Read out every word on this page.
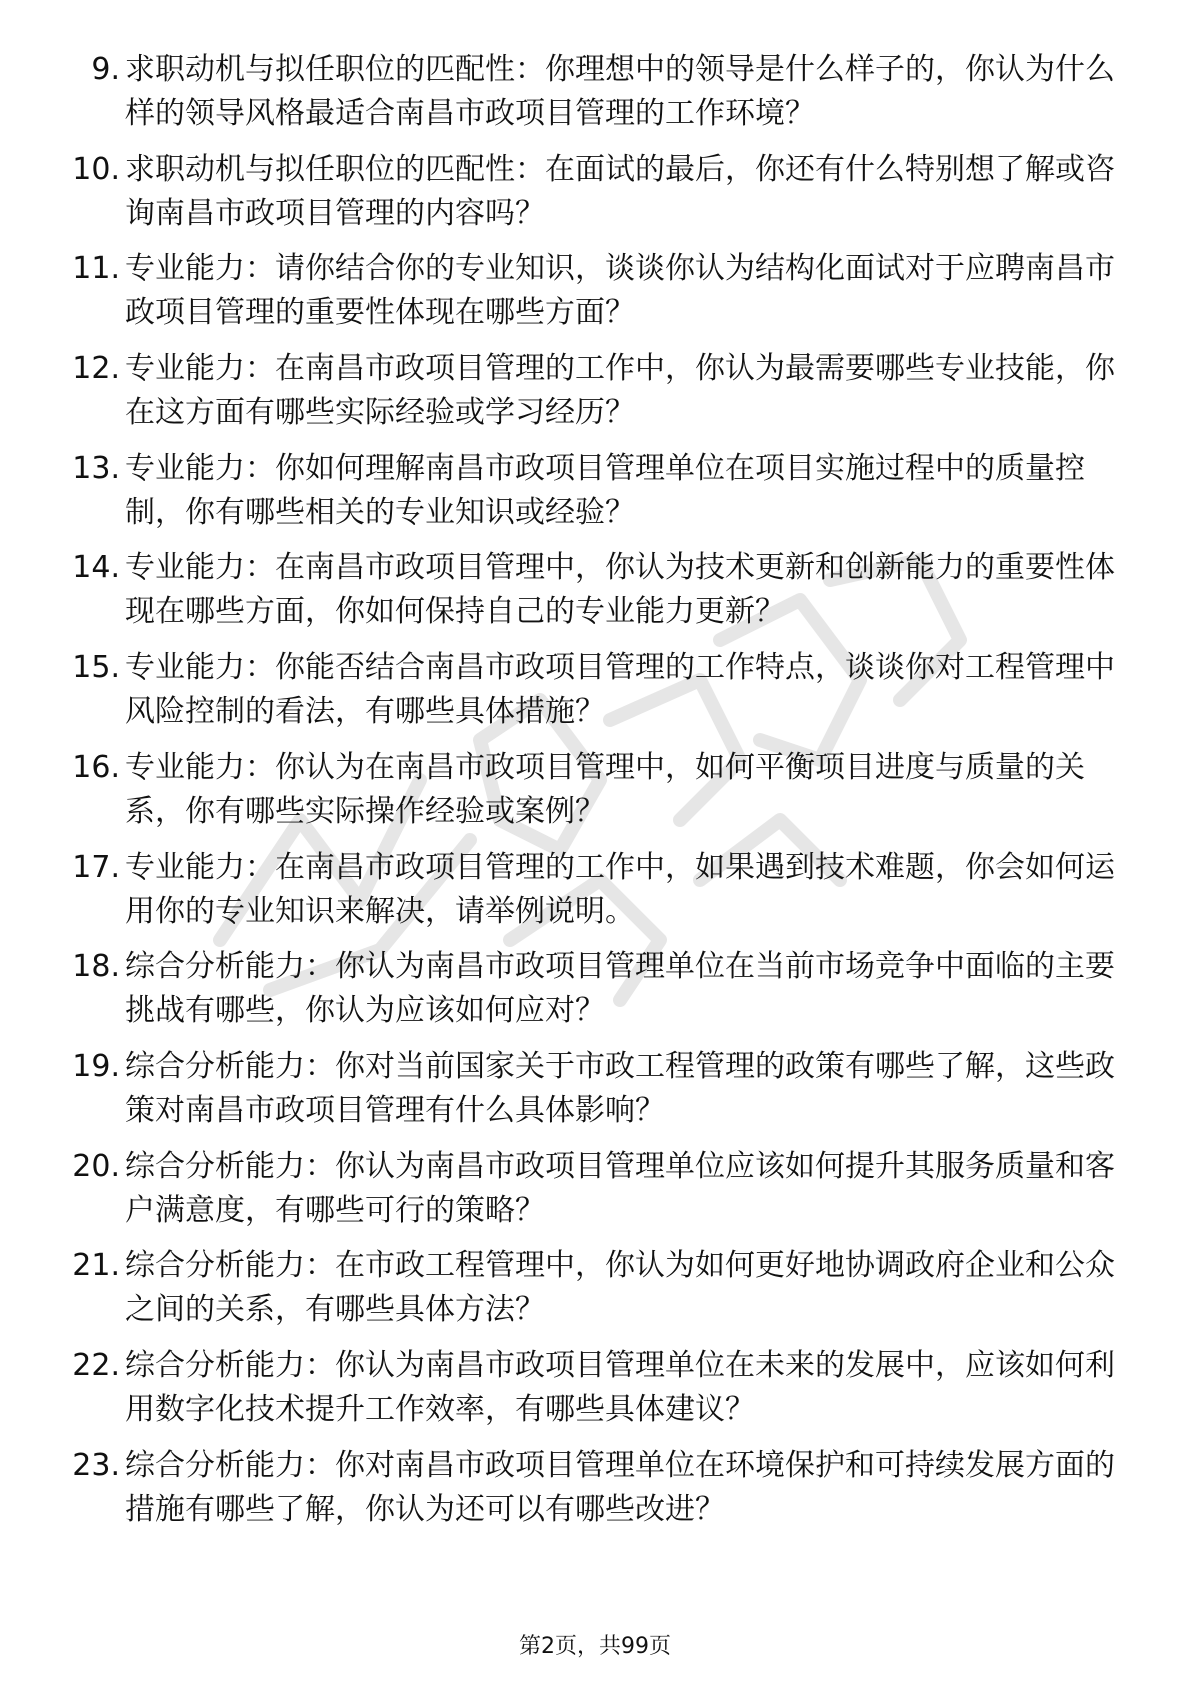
9. 求职动机与拟任职位的匹配性：你理想中的领导是什么样子的，你认为什么样的领导风格最适合南昌市政项目管理的工作环境？

10. 求职动机与拟任职位的匹配性：在面试的最后，你还有什么特别想了解或咨询南昌市政项目管理的内容吗？

11. 专业能力：请你结合你的专业知识，谈谈你认为结构化面试对于应聘南昌市政项目管理的重要性体现在哪些方面？

12. 专业能力：在南昌市政项目管理的工作中，你认为最需要哪些专业技能，你在这方面有哪些实际经验或学习经历？

13. 专业能力：你如何理解南昌市政项目管理单位在项目实施过程中的质量控制，你有哪些相关的专业知识或经验？

14. 专业能力：在南昌市政项目管理中，你认为技术更新和创新能力的重要性体现在哪些方面，你如何保持自己的专业能力更新？

15. 专业能力：你能否结合南昌市政项目管理的工作特点，谈谈你对工程管理中风险控制的看法，有哪些具体措施？

16. 专业能力：你认为在南昌市政项目管理中，如何平衡项目进度与质量的关系，你有哪些实际操作经验或案例？

17. 专业能力：在南昌市政项目管理的工作中，如果遇到技术难题，你会如何运用你的专业知识来解决，请举例说明。

18. 综合分析能力：你认为南昌市政项目管理单位在当前市场竞争中面临的主要挑战有哪些，你认为应该如何应对？

19. 综合分析能力：你对当前国家关于市政工程管理的政策有哪些了解，这些政策对南昌市政项目管理有什么具体影响？

20. 综合分析能力：你认为南昌市政项目管理单位应该如何提升其服务质量和客户满意度，有哪些可行的策略？

21. 综合分析能力：在市政工程管理中，你认为如何更好地协调政府企业和公众之间的关系，有哪些具体方法？

22. 综合分析能力：你认为南昌市政项目管理单位在未来的发展中，应该如何利用数字化技术提升工作效率，有哪些具体建议？

23. 综合分析能力：你对南昌市政项目管理单位在环境保护和可持续发展方面的措施有哪些了解，你认为还可以有哪些改进？

第2页，共99页
